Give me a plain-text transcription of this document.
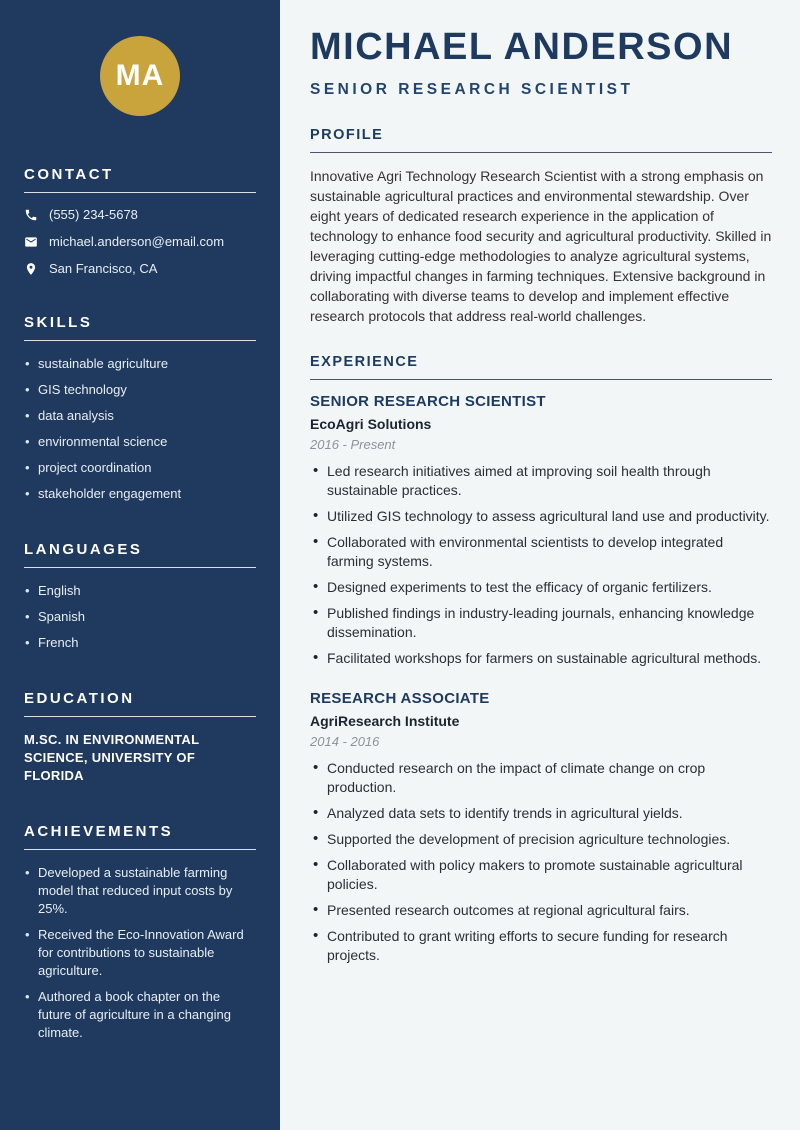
MA
CONTACT
(555) 234-5678
michael.anderson@email.com
San Francisco, CA
SKILLS
• sustainable agriculture
• GIS technology
• data analysis
• environmental science
• project coordination
• stakeholder engagement
LANGUAGES
• English
• Spanish
• French
EDUCATION
M.SC. IN ENVIRONMENTAL SCIENCE, UNIVERSITY OF FLORIDA
ACHIEVEMENTS
• Developed a sustainable farming model that reduced input costs by 25%.
• Received the Eco-Innovation Award for contributions to sustainable agriculture.
• Authored a book chapter on the future of agriculture in a changing climate.
MICHAEL ANDERSON
SENIOR RESEARCH SCIENTIST
PROFILE

Innovative Agri Technology Research Scientist with a strong emphasis on sustainable agricultural practices and environmental stewardship. Over eight years of dedicated research experience in the application of technology to enhance food security and agricultural productivity. Skilled in leveraging cutting-edge methodologies to analyze agricultural systems, driving impactful changes in farming techniques. Extensive background in collaborating with diverse teams to develop and implement effective research protocols that address real-world challenges.

EXPERIENCE
SENIOR RESEARCH SCIENTIST
EcoAgri Solutions
2016 - Present
• Led research initiatives aimed at improving soil health through sustainable practices.
• Utilized GIS technology to assess agricultural land use and productivity.
• Collaborated with environmental scientists to develop integrated farming systems.
• Designed experiments to test the efficacy of organic fertilizers.
• Published findings in industry-leading journals, enhancing knowledge dissemination.
• Facilitated workshops for farmers on sustainable agricultural methods.
RESEARCH ASSOCIATE
AgriResearch Institute
2014 - 2016
• Conducted research on the impact of climate change on crop production.
• Analyzed data sets to identify trends in agricultural yields.
• Supported the development of precision agriculture technologies.
• Collaborated with policy makers to promote sustainable agricultural policies.
• Presented research outcomes at regional agricultural fairs.
• Contributed to grant writing efforts to secure funding for research projects.
